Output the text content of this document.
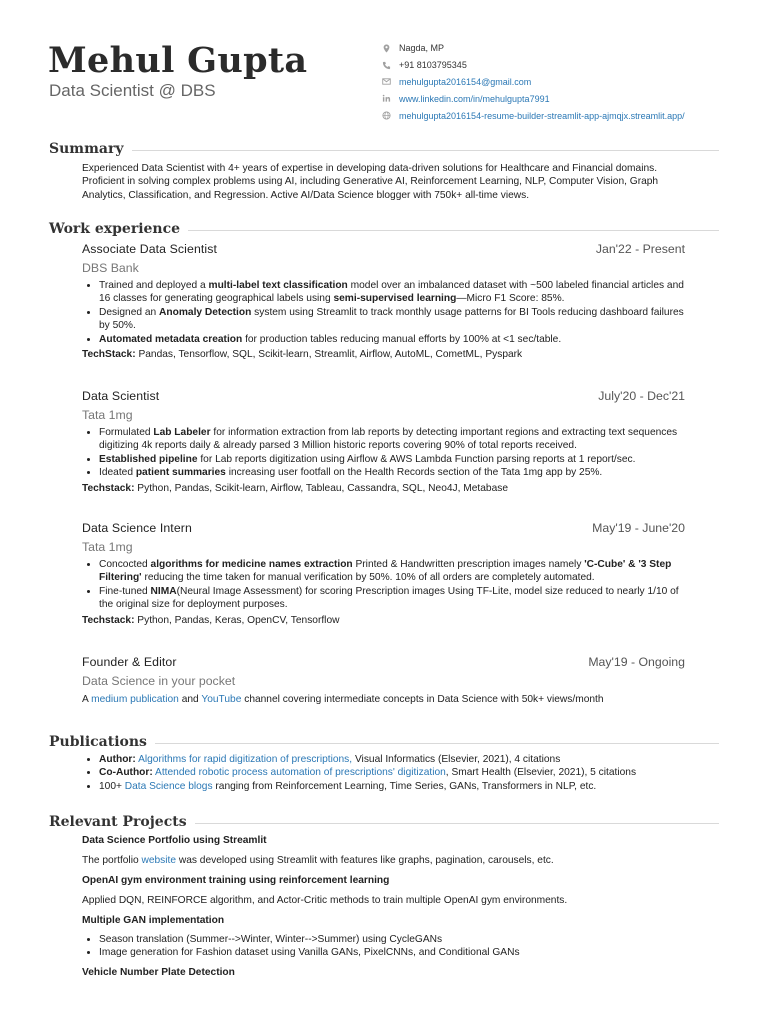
Mehul Gupta
Data Scientist @ DBS
Nagda, MP
+91 8103795345
mehulgupta2016154@gmail.com
www.linkedin.com/in/mehulgupta7991
mehulgupta2016154-resume-builder-streamlit-app-ajmqjx.streamlit.app/
Summary
Experienced Data Scientist with 4+ years of expertise in developing data-driven solutions for Healthcare and Financial domains. Proficient in solving complex problems using AI, including Generative AI, Reinforcement Learning, NLP, Computer Vision, Graph Analytics, Classification, and Regression. Active AI/Data Science blogger with 750k+ all-time views.
Work experience
Associate Data Scientist	Jan'22 - Present
DBS Bank
• Trained and deployed a multi-label text classification model over an imbalanced dataset with ~500 labeled financial articles and 16 classes for generating geographical labels using semi-supervised learning—Micro F1 Score: 85%.
• Designed an Anomaly Detection system using Streamlit to track monthly usage patterns for BI Tools reducing dashboard failures by 50%.
• Automated metadata creation for production tables reducing manual efforts by 100% at <1 sec/table.
TechStack: Pandas, Tensorflow, SQL, Scikit-learn, Streamlit, Airflow, AutoML, CometML, Pyspark
Data Scientist	July'20 - Dec'21
Tata 1mg
• Formulated Lab Labeler for information extraction from lab reports by detecting important regions and extracting text sequences digitizing 4k reports daily & already parsed 3 Million historic reports covering 90% of total reports received.
• Established pipeline for Lab reports digitization using Airflow & AWS Lambda Function parsing reports at 1 report/sec.
• Ideated patient summaries increasing user footfall on the Health Records section of the Tata 1mg app by 25%.
Techstack: Python, Pandas, Scikit-learn, Airflow, Tableau, Cassandra, SQL, Neo4J, Metabase
Data Science Intern	May'19 - June'20
Tata 1mg
• Concocted algorithms for medicine names extraction Printed & Handwritten prescription images namely 'C-Cube' & '3 Step Filtering' reducing the time taken for manual verification by 50%. 10% of all orders are completely automated.
• Fine-tuned NIMA(Neural Image Assessment) for scoring Prescription images Using TF-Lite, model size reduced to nearly 1/10 of the original size for deployment purposes.
Techstack: Python, Pandas, Keras, OpenCV, Tensorflow
Founder & Editor	May'19 - Ongoing
Data Science in your pocket
A medium publication and YouTube channel covering intermediate concepts in Data Science with 50k+ views/month
Publications
• Author: Algorithms for rapid digitization of prescriptions, Visual Informatics (Elsevier, 2021), 4 citations
• Co-Author: Attended robotic process automation of prescriptions' digitization, Smart Health (Elsevier, 2021), 5 citations
• 100+ Data Science blogs ranging from Reinforcement Learning, Time Series, GANs, Transformers in NLP, etc.
Relevant Projects
Data Science Portfolio using Streamlit
The portfolio website was developed using Streamlit with features like graphs, pagination, carousels, etc.
OpenAI gym environment training using reinforcement learning
Applied DQN, REINFORCE algorithm, and Actor-Critic methods to train multiple OpenAI gym environments.
Multiple GAN implementation
• Season translation (Summer-->Winter, Winter-->Summer) using CycleGANs
• Image generation for Fashion dataset using Vanilla GANs, PixelCNNs, and Conditional GANs
Vehicle Number Plate Detection
